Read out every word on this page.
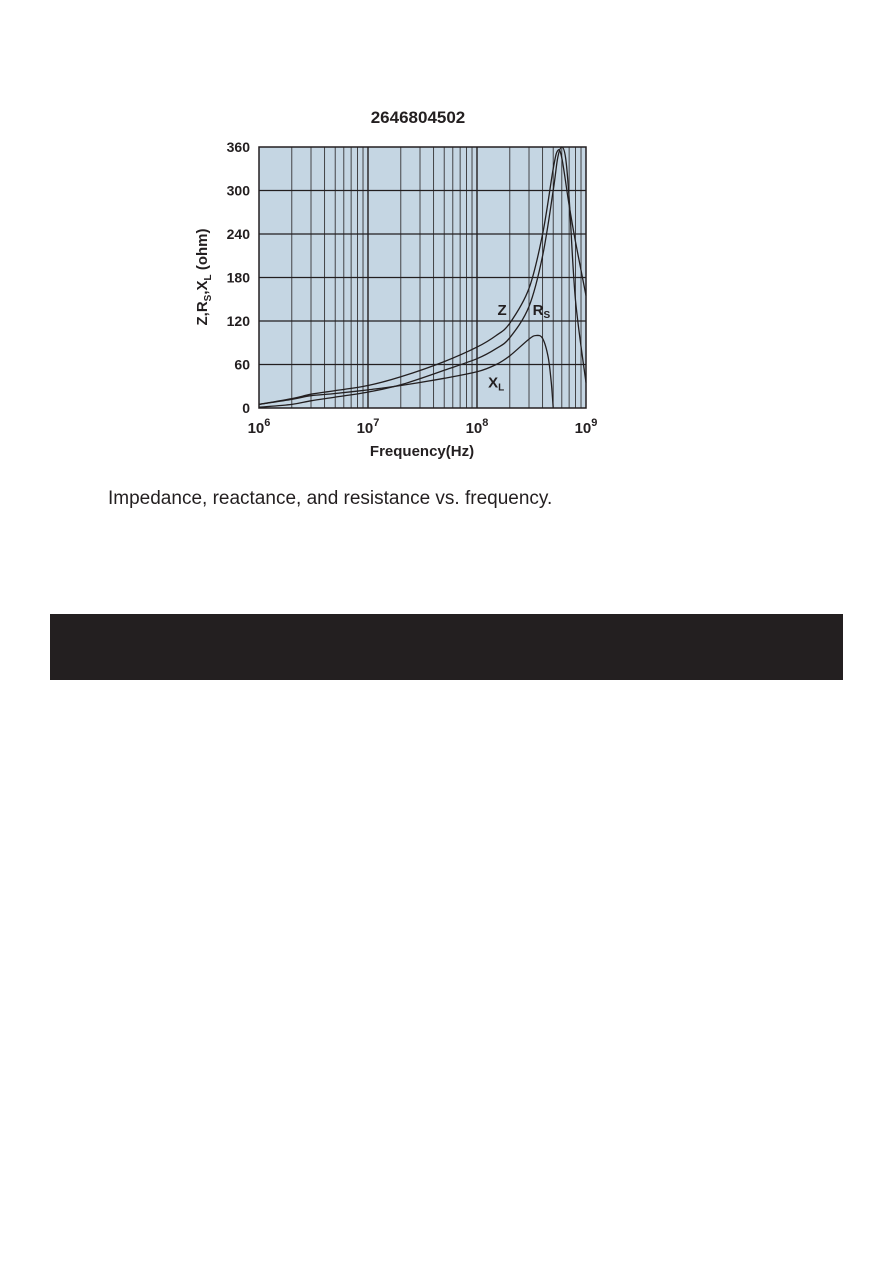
2646804502
0
60
120
180
240
300
360
$10^6$	$10^7$	$10^8$	$10^9$
Z $R_S$
$X_L$
Frequency(Hz)
$Z,R_S,X_L$ (ohm)
Impedance, reactance, and resistance vs. frequency.
